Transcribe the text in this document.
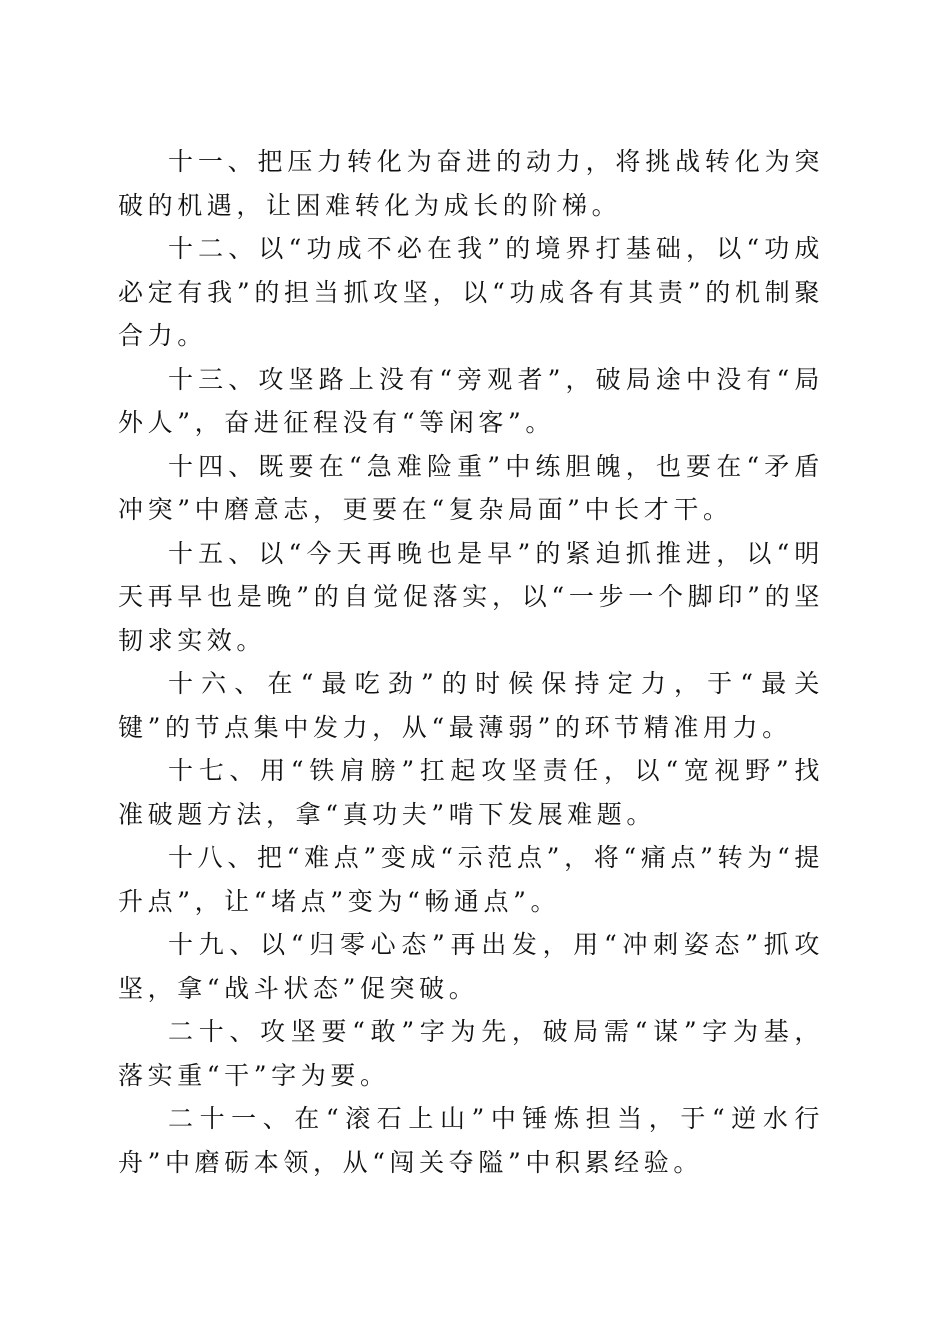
十一、把压力转化为奋进的动力，将挑战转化为突破的机遇，让困难转化为成长的阶梯。

十二、以“功成不必在我”的境界打基础，以“功成必定有我”的担当抓攻坚，以“功成各有其责”的机制聚合力。

十三、攻坚路上没有“旁观者”，破局途中没有“局外人”，奋进征程没有“等闲客”。

十四、既要在“急难险重”中练胆魄，也要在“矛盾冲突”中磨意志，更要在“复杂局面”中长才干。

十五、以“今天再晚也是早”的紧迫抓推进，以“明天再早也是晚”的自觉促落实，以“一步一个脚印”的坚韧求实效。

十六、在“最吃劲”的时候保持定力，于“最关键”的节点集中发力，从“最薄弱”的环节精准用力。

十七、用“铁肩膀”扛起攻坚责任，以“宽视野”找准破题方法，拿“真功夫”啃下发展难题。

十八、把“难点”变成“示范点”，将“痛点”转为“提升点”，让“堵点”变为“畅通点”。

十九、以“归零心态”再出发，用“冲刺姿态”抓攻坚，拿“战斗状态”促突破。

二十、攻坚要“敢”字为先，破局需“谋”字为基，落实重“干”字为要。

二十一、在“滚石上山”中锤炼担当，于“逆水行舟”中磨砺本领，从“闯关夺隘”中积累经验。
